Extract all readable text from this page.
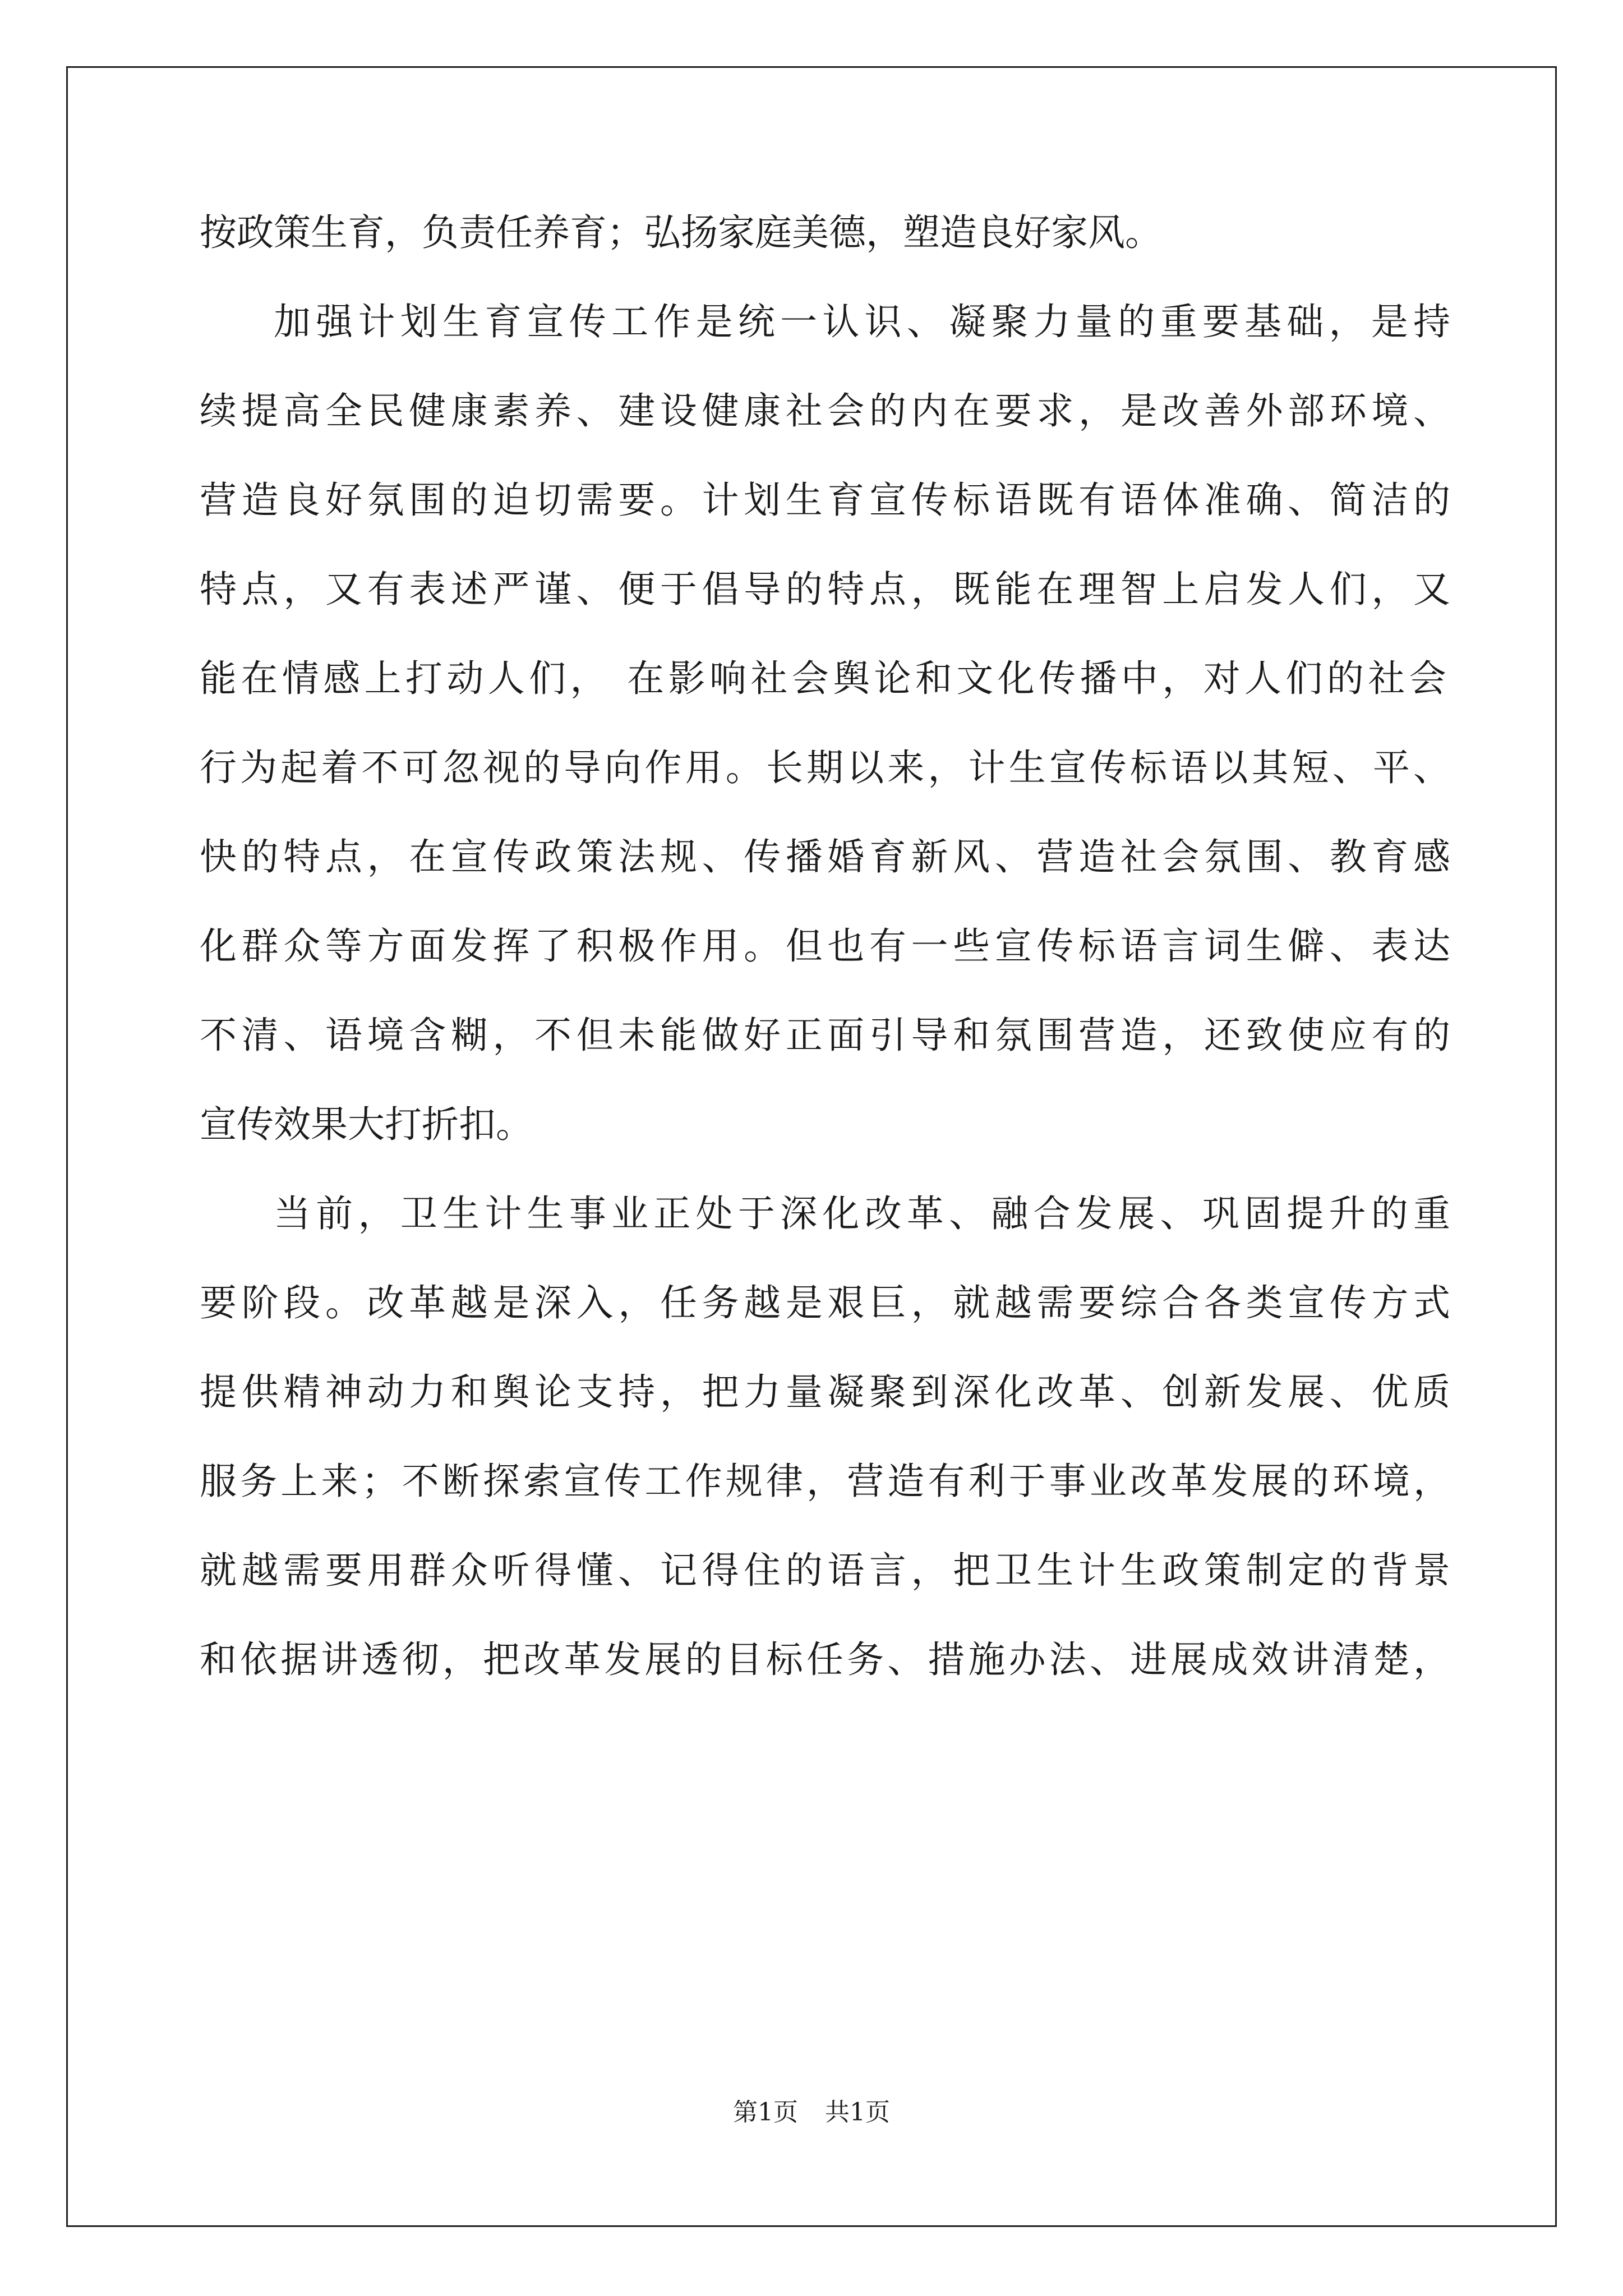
按政策生育，负责任养育；弘扬家庭美德，塑造良好家风。
加强计划生育宣传工作是统一认识、凝聚力量的重要基础，是持
续提高全民健康素养、建设健康社会的内在要求，是改善外部环境、
营造良好氛围的迫切需要。计划生育宣传标语既有语体准确、简洁的
特点，又有表述严谨、便于倡导的特点，既能在理智上启发人们，又
能在情感上打动人们， 在影响社会舆论和文化传播中，对人们的社会
行为起着不可忽视的导向作用。长期以来，计生宣传标语以其短、平、
快的特点，在宣传政策法规、传播婚育新风、营造社会氛围、教育感
化群众等方面发挥了积极作用。但也有一些宣传标语言词生僻、表达
不清、语境含糊，不但未能做好正面引导和氛围营造，还致使应有的
宣传效果大打折扣。
当前，卫生计生事业正处于深化改革、融合发展、巩固提升的重
要阶段。改革越是深入，任务越是艰巨，就越需要综合各类宣传方式
提供精神动力和舆论支持，把力量凝聚到深化改革、创新发展、优质
服务上来；不断探索宣传工作规律，营造有利于事业改革发展的环境，
就越需要用群众听得懂、记得住的语言，把卫生计生政策制定的背景
和依据讲透彻，把改革发展的目标任务、措施办法、进展成效讲清楚，
第1页 共1页
